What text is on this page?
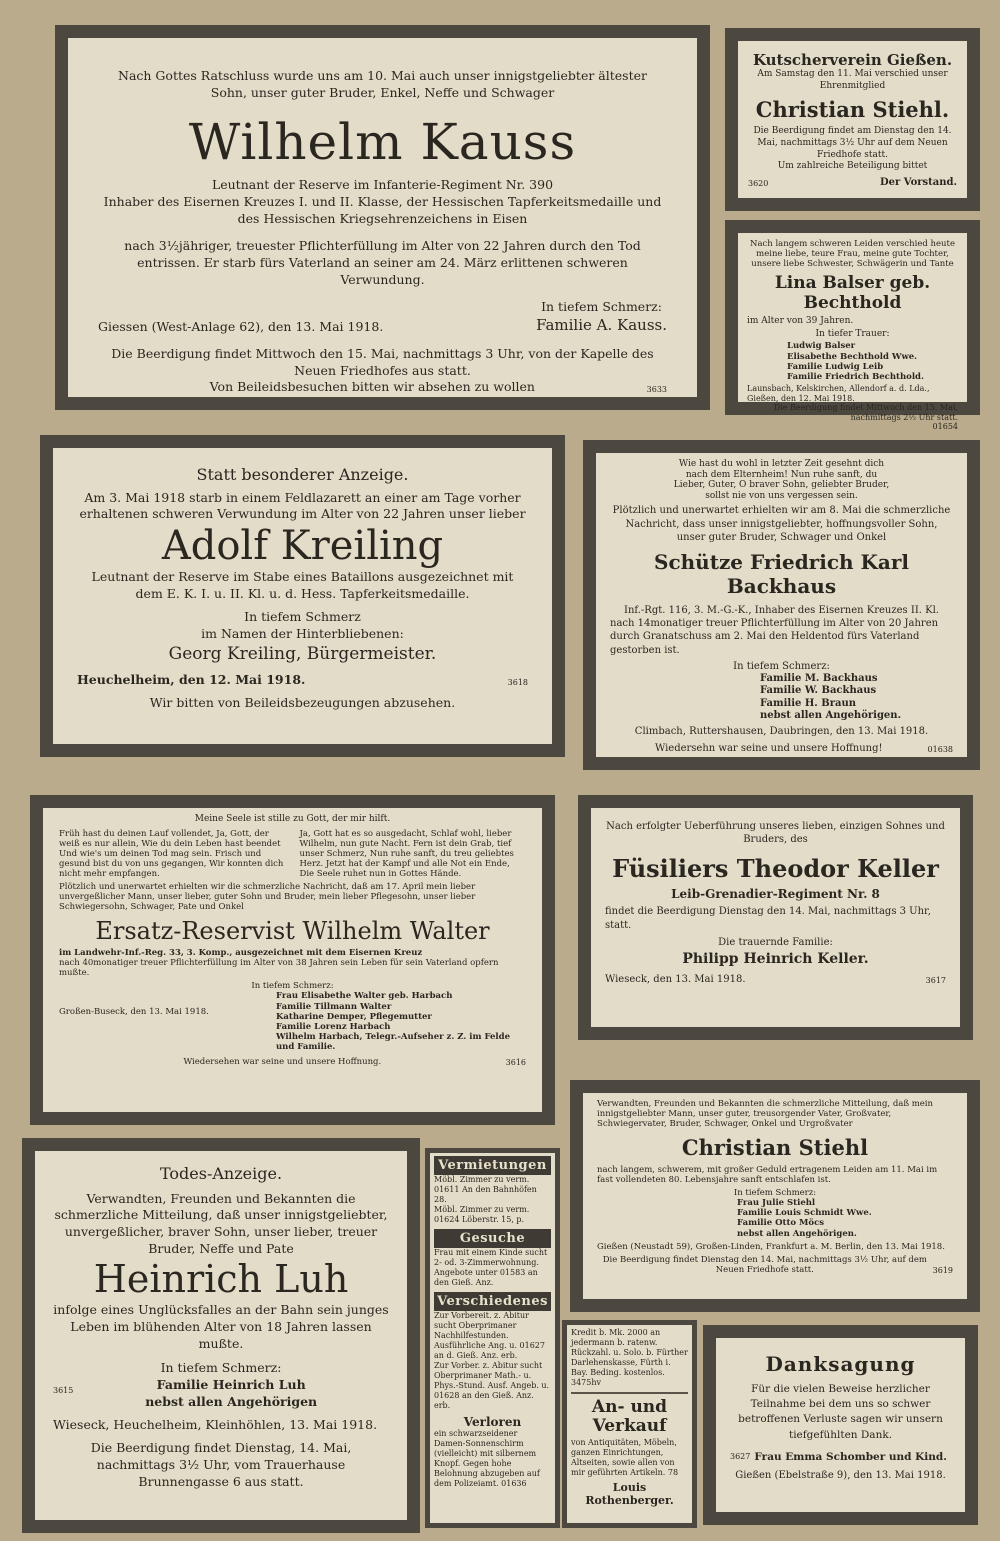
Nach Gottes Ratschluss wurde uns am 10. Mai auch unser innigstgeliebter ältester Sohn, unser guter Bruder, Enkel, Neffe und Schwager

Wilhelm Kauss

Leutnant der Reserve im Infanterie-Regiment Nr. 390

Inhaber des Eisernen Kreuzes I. und II. Klasse, der Hessischen Tapferkeitsmedaille und des Hessischen Kriegsehrenzeichens in Eisen

nach 3½jähriger, treuester Pflichterfüllung im Alter von 22 Jahren durch den Tod entrissen. Er starb fürs Vaterland an seiner am 24. März erlittenen schweren Verwundung.

Giessen (West-Anlage 62), den 13. Mai 1918.

In tiefem Schmerz:

Familie A. Kauss.

Die Beerdigung findet Mittwoch den 15. Mai, nachmittags 3 Uhr, von der Kapelle des Neuen Friedhofes aus statt.

Von Beileidsbesuchen bitten wir absehen zu wollen	3633

Kutscherverein Gießen.

Am Samstag den 11. Mai verschied unser Ehrenmitglied

Christian Stiehl.

Die Beerdigung findet am Dienstag den 14. Mai, nachmittags 3½ Uhr auf dem Neuen Friedhofe statt.

Um zahlreiche Beteiligung bittet

3620	Der Vorstand.

Nach langem schweren Leiden verschied heute meine liebe, teure Frau, meine gute Tochter, unsere liebe Schwester, Schwägerin und Tante

Lina Balser geb. Bechthold

im Alter von 39 Jahren.

In tiefer Trauer:

Ludwig Balser

Elisabethe Bechthold Wwe.

Familie Ludwig Leib

Familie Friedrich Bechthold.

Launsbach, Kelskirchen, Allendorf a. d. Lda., Gießen, den 12. Mai 1918.

Die Beerdigung findet Mittwoch den 15. Mai, nachmittags 2½ Uhr statt.

01654

Statt besonderer Anzeige.

Am 3. Mai 1918 starb in einem Feldlazarett an einer am Tage vorher erhaltenen schweren Verwundung im Alter von 22 Jahren unser lieber

Adolf Kreiling

Leutnant der Reserve im Stabe eines Bataillons ausgezeichnet mit dem E. K. I. u. II. Kl. u. d. Hess. Tapferkeitsmedaille.

In tiefem Schmerz

im Namen der Hinterbliebenen:

Georg Kreiling, Bürgermeister.

Heuchelheim, den 12. Mai 1918.	3618

Wir bitten von Beileidsbezeugungen abzusehen.

Wie hast du wohl in letzter Zeit gesehnt dich nach dem Elternheim! Nun ruhe sanft, du Lieber, Guter, O braver Sohn, geliebter Bruder, sollst nie von uns vergessen sein.

Plötzlich und unerwartet erhielten wir am 8. Mai die schmerzliche Nachricht, dass unser innigstgeliebter, hoffnungsvoller Sohn, unser guter Bruder, Schwager und Onkel

Schütze Friedrich Karl Backhaus

Inf.-Rgt. 116, 3. M.-G.-K., Inhaber des Eisernen Kreuzes II. Kl.

nach 14monatiger treuer Pflichterfüllung im Alter von 20 Jahren durch Granatschuss am 2. Mai den Heldentod fürs Vaterland gestorben ist.

In tiefem Schmerz:

Familie M. Backhaus

Familie W. Backhaus

Familie H. Braun

nebst allen Angehörigen.

Climbach, Ruttershausen, Daubringen, den 13. Mai 1918.

Wiedersehn war seine und unsere Hoffnung!	01638

Meine Seele ist stille zu Gott, der mir hilft.

Früh hast du deinen Lauf vollendet, Ja, Gott, der weiß es nur allein, Wie du dein Leben hast beendet Und wie's um deinen Tod mag sein. Frisch und gesund bist du von uns gegangen, Wir konnten dich nicht mehr empfangen.
Ja, Gott hat es so ausgedacht, Schlaf wohl, lieber Wilhelm, nun gute Nacht. Fern ist dein Grab, tief unser Schmerz, Nun ruhe sanft, du treu geliebtes Herz. Jetzt hat der Kampf und alle Not ein Ende, Die Seele ruhet nun in Gottes Hände.

Plötzlich und unerwartet erhielten wir die schmerzliche Nachricht, daß am 17. April mein lieber unvergeßlicher Mann, unser lieber, guter Sohn und Bruder, mein lieber Pflegesohn, unser lieber Schwiegersohn, Schwager, Pate und Onkel

Ersatz-Reservist Wilhelm Walter

im Landwehr-Inf.-Reg. 33, 3. Komp., ausgezeichnet mit dem Eisernen Kreuz

nach 40monatiger treuer Pflichterfüllung im Alter von 38 Jahren sein Leben für sein Vaterland opfern mußte.

In tiefem Schmerz:

Großen-Buseck, den 13. Mai 1918.

Frau Elisabethe Walter geb. Harbach

Familie Tillmann Walter

Katharine Demper, Pflegemutter

Familie Lorenz Harbach

Wilhelm Harbach, Telegr.-Aufseher z. Z. im Felde und Familie.

Wiedersehen war seine und unsere Hoffnung.	3616

Nach erfolgter Ueberführung unseres lieben, einzigen Sohnes und Bruders, des

Füsiliers Theodor Keller

Leib-Grenadier-Regiment Nr. 8

findet die Beerdigung Dienstag den 14. Mai, nachmittags 3 Uhr, statt.

Die trauernde Familie:

Philipp Heinrich Keller.

Wieseck, den 13. Mai 1918.	3617

Verwandten, Freunden und Bekannten die schmerzliche Mitteilung, daß mein innigstgeliebter Mann, unser guter, treusorgender Vater, Großvater, Schwiegervater, Bruder, Schwager, Onkel und Urgroßvater

Christian Stiehl

nach langem, schwerem, mit großer Geduld ertragenem Leiden am 11. Mai im fast vollendeten 80. Lebensjahre sanft entschlafen ist.

In tiefem Schmerz:

Frau Julie Stiehl

Familie Louis Schmidt Wwe.

Familie Otto Möcs

nebst allen Angehörigen.

Gießen (Neustadt 59), Großen-Linden, Frankfurt a. M. Berlin, den 13. Mai 1918.

Die Beerdigung findet Dienstag den 14. Mai, nachmittags 3½ Uhr, auf dem Neuen Friedhofe statt.	3619

Todes-Anzeige.

Verwandten, Freunden und Bekannten die schmerzliche Mitteilung, daß unser innigstgeliebter, unvergeßlicher, braver Sohn, unser lieber, treuer Bruder, Neffe und Pate

Heinrich Luh

infolge eines Unglücksfalles an der Bahn sein junges Leben im blühenden Alter von 18 Jahren lassen mußte.

In tiefem Schmerz:

3615	Familie Heinrich Luh

nebst allen Angehörigen

Wieseck, Heuchelheim, Kleinhöhlen, 13. Mai 1918.

Die Beerdigung findet Dienstag, 14. Mai, nachmittags 3½ Uhr, vom Trauerhause Brunnengasse 6 aus statt.

Vermietungen

Möbl. Zimmer zu verm. 01611 An den Bahnhöfen 28.

Möbl. Zimmer zu verm. 01624 Löberstr. 15, p.

Gesuche

Frau mit einem Kinde sucht 2- od. 3-Zimmerwohnung. Angebote unter 01583 an den Gieß. Anz.

Verschiedenes

Zur Vorbereit. z. Abitur sucht Oberprimaner Nachhilfestunden. Ausführliche Ang. u. 01627 an d. Gieß. Anz. erb.

Zur Vorber. z. Abitur sucht Oberprimaner Math.- u. Phys.-Stund. Ausf. Angeb. u. 01628 an den Gieß. Anz. erb.

Verloren

ein schwarzseidener Damen-Sonnenschirm (vielleicht) mit silbernem Knopf. Gegen hohe Belohnung abzugeben auf dem Polizeiamt. 01636

Kredit b. Mk. 2000 an jedermann b. ratenw. Rückzahl. u. Solo. b. Fürther Darlehenskasse, Fürth i. Bay. Beding. kostenlos. 3475hv

An- und Verkauf

von Antiquitäten, Möbeln, ganzen Einrichtungen, Altseiten, sowie allen von mir geführten Artikeln. 78

Louis Rothenberger.

Danksagung

Für die vielen Beweise herzlicher Teilnahme bei dem uns so schwer betroffenen Verluste sagen wir unsern tiefgefühlten Dank.

3627 Frau Emma Schomber und Kind.

Gießen (Ebelstraße 9), den 13. Mai 1918.
